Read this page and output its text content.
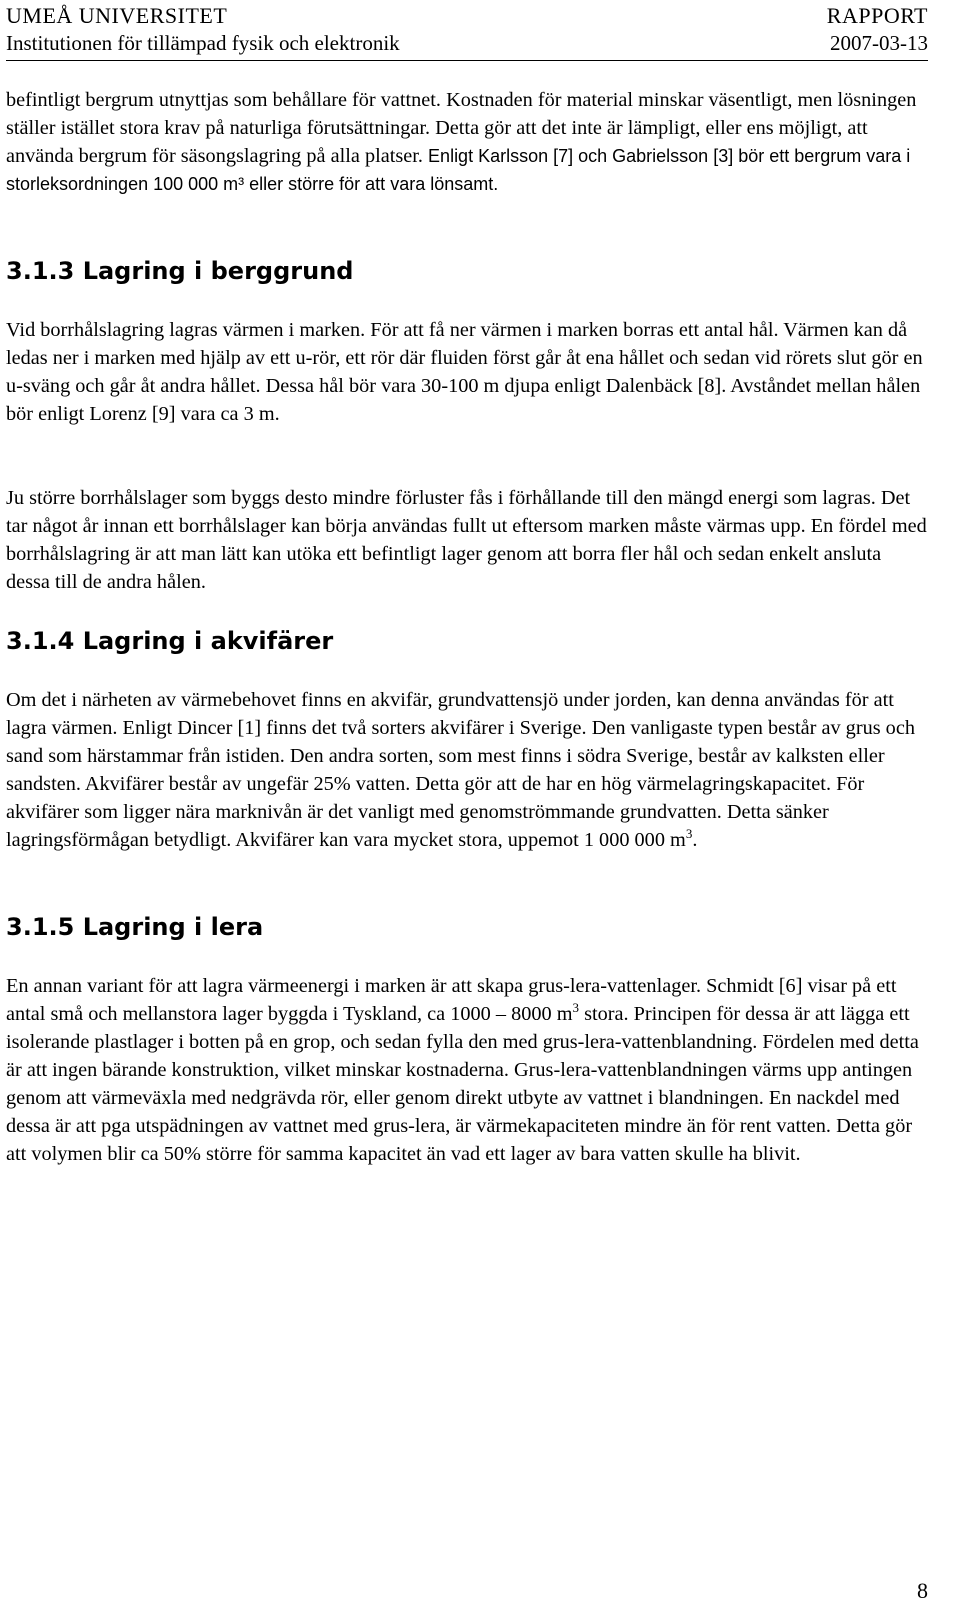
UMEÅ UNIVERSITET	RAPPORT
Institutionen för tillämpad fysik och elektronik	2007-03-13

befintligt bergrum utnyttjas som behållare för vattnet. Kostnaden för material minskar väsentligt, men lösningen ställer istället stora krav på naturliga förutsättningar. Detta gör att det inte är lämpligt, eller ens möjligt, att använda bergrum för säsongslagring på alla platser. Enligt Karlsson [7] och Gabrielsson [3] bör ett bergrum vara i storleksordningen 100 000 m³ eller större för att vara lönsamt.

3.1.3 Lagring i berggrund

Vid borrhålslagring lagras värmen i marken. För att få ner värmen i marken borras ett antal hål. Värmen kan då ledas ner i marken med hjälp av ett u-rör, ett rör där fluiden först går åt ena hållet och sedan vid rörets slut gör en u-sväng och går åt andra hållet. Dessa hål bör vara 30-100 m djupa enligt Dalenbäck [8]. Avståndet mellan hålen bör enligt Lorenz [9] vara ca 3 m.

Ju större borrhålslager som byggs desto mindre förluster fås i förhållande till den mängd energi som lagras. Det tar något år innan ett borrhålslager kan börja användas fullt ut eftersom marken måste värmas upp. En fördel med borrhålslagring är att man lätt kan utöka ett befintligt lager genom att borra fler hål och sedan enkelt ansluta dessa till de andra hålen.

3.1.4 Lagring i akvifärer

Om det i närheten av värmebehovet finns en akvifär, grundvattensjö under jorden, kan denna användas för att lagra värmen. Enligt Dincer [1] finns det två sorters akvifärer i Sverige. Den vanligaste typen består av grus och sand som härstammar från istiden. Den andra sorten, som mest finns i södra Sverige, består av kalksten eller sandsten. Akvifärer består av ungefär 25% vatten. Detta gör att de har en hög värmelagringskapacitet. För akvifärer som ligger nära marknivån är det vanligt med genomströmmande grundvatten. Detta sänker lagringsförmågan betydligt. Akvifärer kan vara mycket stora, uppemot 1 000 000 $m^3$.

3.1.5 Lagring i lera

En annan variant för att lagra värmeenergi i marken är att skapa grus-lera-vattenlager. Schmidt [6] visar på ett antal små och mellanstora lager byggda i Tyskland, ca 1000 – 8000 $m^3$ stora. Principen för dessa är att lägga ett isolerande plastlager i botten på en grop, och sedan fylla den med grus-lera-vattenblandning. Fördelen med detta är att ingen bärande konstruktion, vilket minskar kostnaderna. Grus-lera-vattenblandningen värms upp antingen genom att värmeväxla med nedgrävda rör, eller genom direkt utbyte av vattnet i blandningen. En nackdel med dessa är att pga utspädningen av vattnet med grus-lera, är värmekapaciteten mindre än för rent vatten. Detta gör att volymen blir ca 50% större för samma kapacitet än vad ett lager av bara vatten skulle ha blivit.

8
